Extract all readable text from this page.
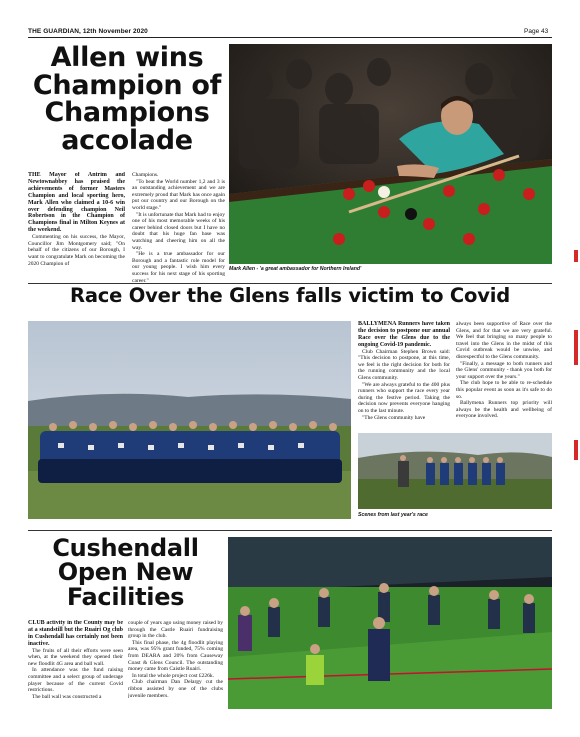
THE GUARDIAN, 12th November 2020	Page 43
Allen wins Champion of Champions accolade

THE Mayor of Antrim and Newtownabbey has praised the achievements of former Masters Champion and local sporting hero, Mark Allen who claimed a 10-6 win over defending champion Neil Robertson in the Champion of Champions final in Milton Keynes at the weekend.

Commenting on his success, the Mayor, Councillor Jim Montgomery said; "On behalf of the citizens of our Borough, I want to congratulate Mark on becoming the 2020 Champion of

Champions.

"To beat the World number 1,2 and 3 is an outstanding achievement and we are extremely proud that Mark has once again put our country and our Borough on the world stage."

"It is unfortunate that Mark had to enjoy one of his most memorable weeks of his career behind closed doors but I have no doubt that his huge fan base was watching and cheering him on all the way.

"He is a true ambassador for our Borough and a fantastic role model for our young people. I wish him every success for his next stage of his sporting career."

Mark Allen - 'a great ambassador for Northern Ireland'
Race Over the Glens falls victim to Covid

BALLYMENA Runners have taken the decision to postpone our annual Race over the Glens due to the ongoing Covid-19 pandemic.

Club Chairman Stephen Brown said: "This decision to postpone, at this time, we feel is the right decision for both for the running community and the local Glens community.

"We are always grateful to the 400 plus runners who support the race every year during the festive period. Taking the decision now prevents everyone hanging on to the last minute.

"The Glens community have

always been supportive of Race over the Glens, and for that we are very grateful. We feel that bringing so many people to travel into the Glens in the midst of this Covid outbreak would be unwise, and disrespectful to the Glens community.

"Finally, a message to both runners and the Glens' community - thank you both for your support over the years."

The club hope to be able to re-schedule this popular event as soon as it's safe to do so.

Ballymena Runners top priority will always be the health and wellbeing of everyone involved.

Scenes from last year's race
Cushendall Open New Facilities

CLUB activity in the County may be at a standstill but the Ruairi Og club in Cushendall has certainly not been inactive.

The fruits of all their efforts were seen when, at the weekend they opened their new floodlit 4G area and ball wall.

In attendance was the fund raising committee and a select group of underage player because of the current Covid restrictions.

The ball wall was constructed a

couple of years ago using money raised by through the Castle Ruairi fundraising group in the club.

This final phase, the 4g floodlit playing area, was 95% grant funded, 75% coming from DEARA and 20% from Causeway Coast & Glens Council. The outstanding money came from Caistle Ruairi.

In total the whole project cost £226k.

Club chairman Dan Delargy cut the ribbon assisted by one of the clubs juvenile members.
